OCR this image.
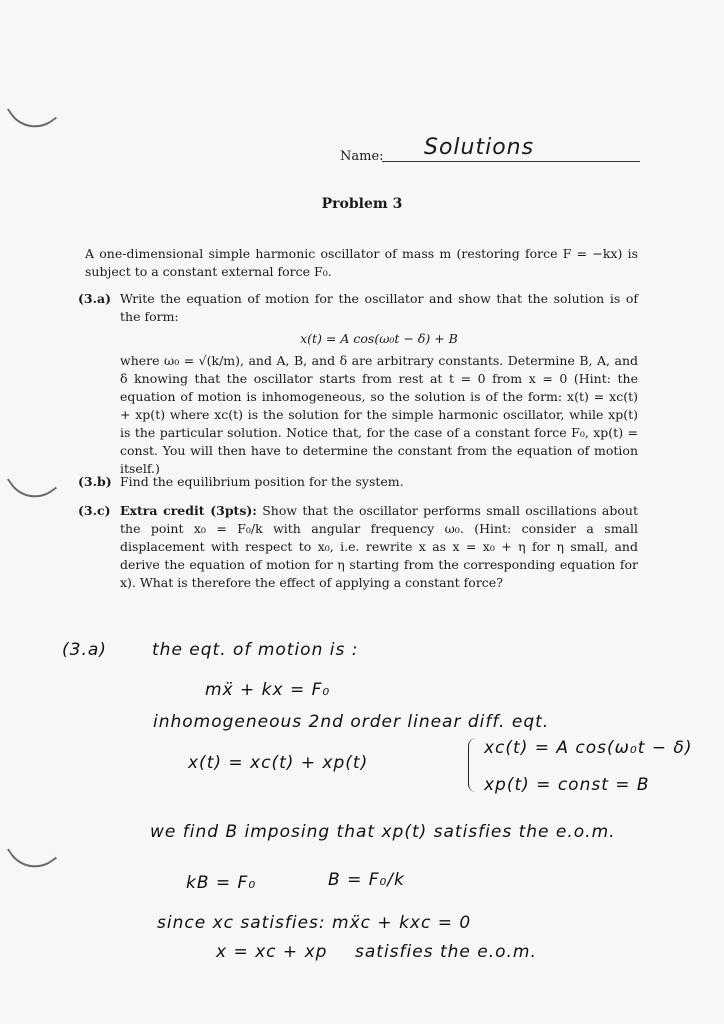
Name: Solutions
Problem 3
A one-dimensional simple harmonic oscillator of mass m (restoring force F = −kx) is subject to a constant external force F₀.
(3.a) Write the equation of motion for the oscillator and show that the solution is of the form:
x(t) = A cos(ω₀t − δ) + B
where ω₀ = √(k/m), and A, B, and δ are arbitrary constants. Determine B, A, and δ knowing that the oscillator starts from rest at t = 0 from x = 0 (Hint: the equation of motion is inhomogeneous, so the solution is of the form: x(t) = xc(t) + xp(t) where xc(t) is the solution for the simple harmonic oscillator, while xp(t) is the particular solution. Notice that, for the case of a constant force F₀, xp(t) = const. You will then have to determine the constant from the equation of motion itself.)
(3.b) Find the equilibrium position for the system.
(3.c) Extra credit (3pts): Show that the oscillator performs small oscillations about the point x₀ = F₀/k with angular frequency ω₀. (Hint: consider a small displacement with respect to x₀, i.e. rewrite x as x = x₀ + η for η small, and derive the equation of motion for η starting from the corresponding equation for x). What is therefore the effect of applying a constant force?
(3.a)	the eqt. of motion is :
mẍ + kx = F₀
inhomogeneous 2nd order linear diff. eqt.
x(t) = xc(t) + xp(t)
xc(t) = A cos(ω₀t − δ)
xp(t) = const = B
we find B imposing that xp(t) satisfies the e.o.m.
kB = F₀	B = F₀/k
since xc satisfies: mẍc + kxc = 0
x = xc + xp satisfies the e.o.m.
